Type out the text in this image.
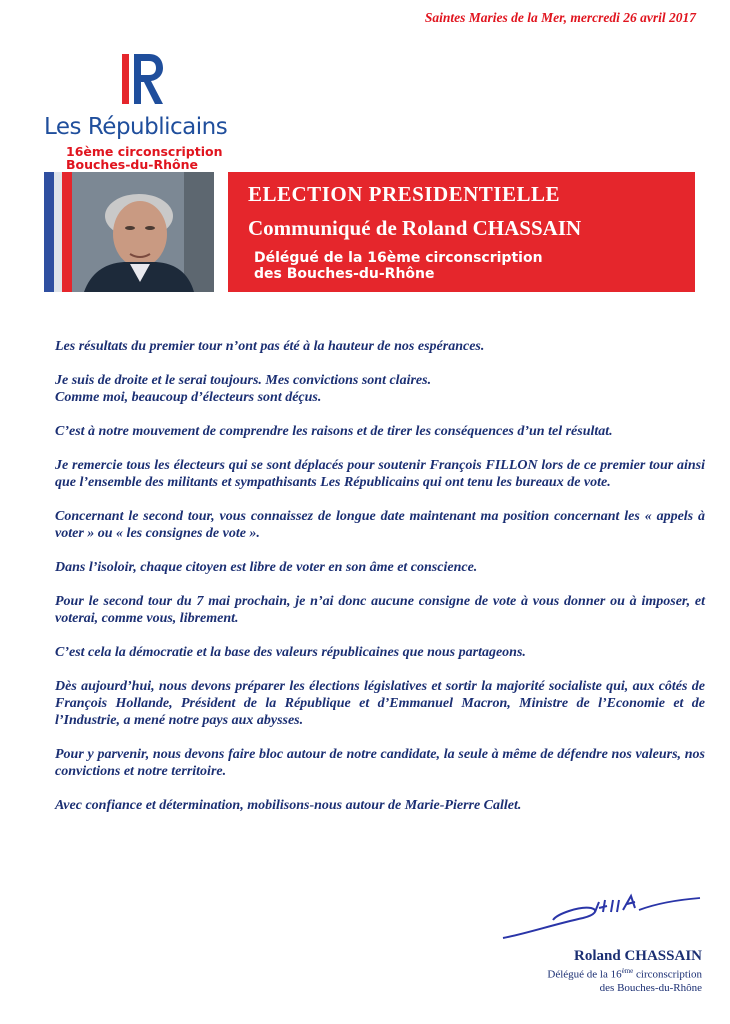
Saintes Maries de la Mer, mercredi 26 avril 2017
Les Républicains
16ème circonscription
Bouches-du-Rhône
ELECTION PRESIDENTIELLE
Communiqué de Roland CHASSAIN
Délégué de la 16ème circonscription
des Bouches-du-Rhône

Les résultats du premier tour n’ont pas été à la hauteur de nos espérances.

Je suis de droite et le serai toujours. Mes convictions sont claires.
Comme moi, beaucoup d’électeurs sont déçus.

C’est à notre mouvement de comprendre les raisons et de tirer les conséquences d’un tel résultat.

Je remercie tous les électeurs qui se sont déplacés pour soutenir François FILLON lors de ce premier tour ainsi que l’ensemble des militants et sympathisants Les Républicains qui ont tenu les bureaux de vote.

Concernant le second tour, vous connaissez de longue date maintenant ma position concernant les « appels à voter » ou « les consignes de vote ».

Dans l’isoloir, chaque citoyen est libre de voter en son âme et conscience.

Pour le second tour du 7 mai prochain, je n’ai donc aucune consigne de vote à vous donner ou à imposer, et voterai, comme vous, librement.

C’est cela la démocratie et la base des valeurs républicaines que nous partageons.

Dès aujourd’hui, nous devons préparer les élections législatives et sortir la majorité socialiste qui, aux côtés de François Hollande, Président de la République et d’Emmanuel Macron, Ministre de l’Economie et de l’Industrie, a mené notre pays aux abysses.

Pour y parvenir, nous devons faire bloc autour de notre candidate, la seule à même de défendre nos valeurs, nos convictions et notre territoire.

Avec confiance et détermination, mobilisons-nous autour de Marie-Pierre Callet.

Roland CHASSAIN
Délégué de la 16ème circonscription
des Bouches-du-Rhône
